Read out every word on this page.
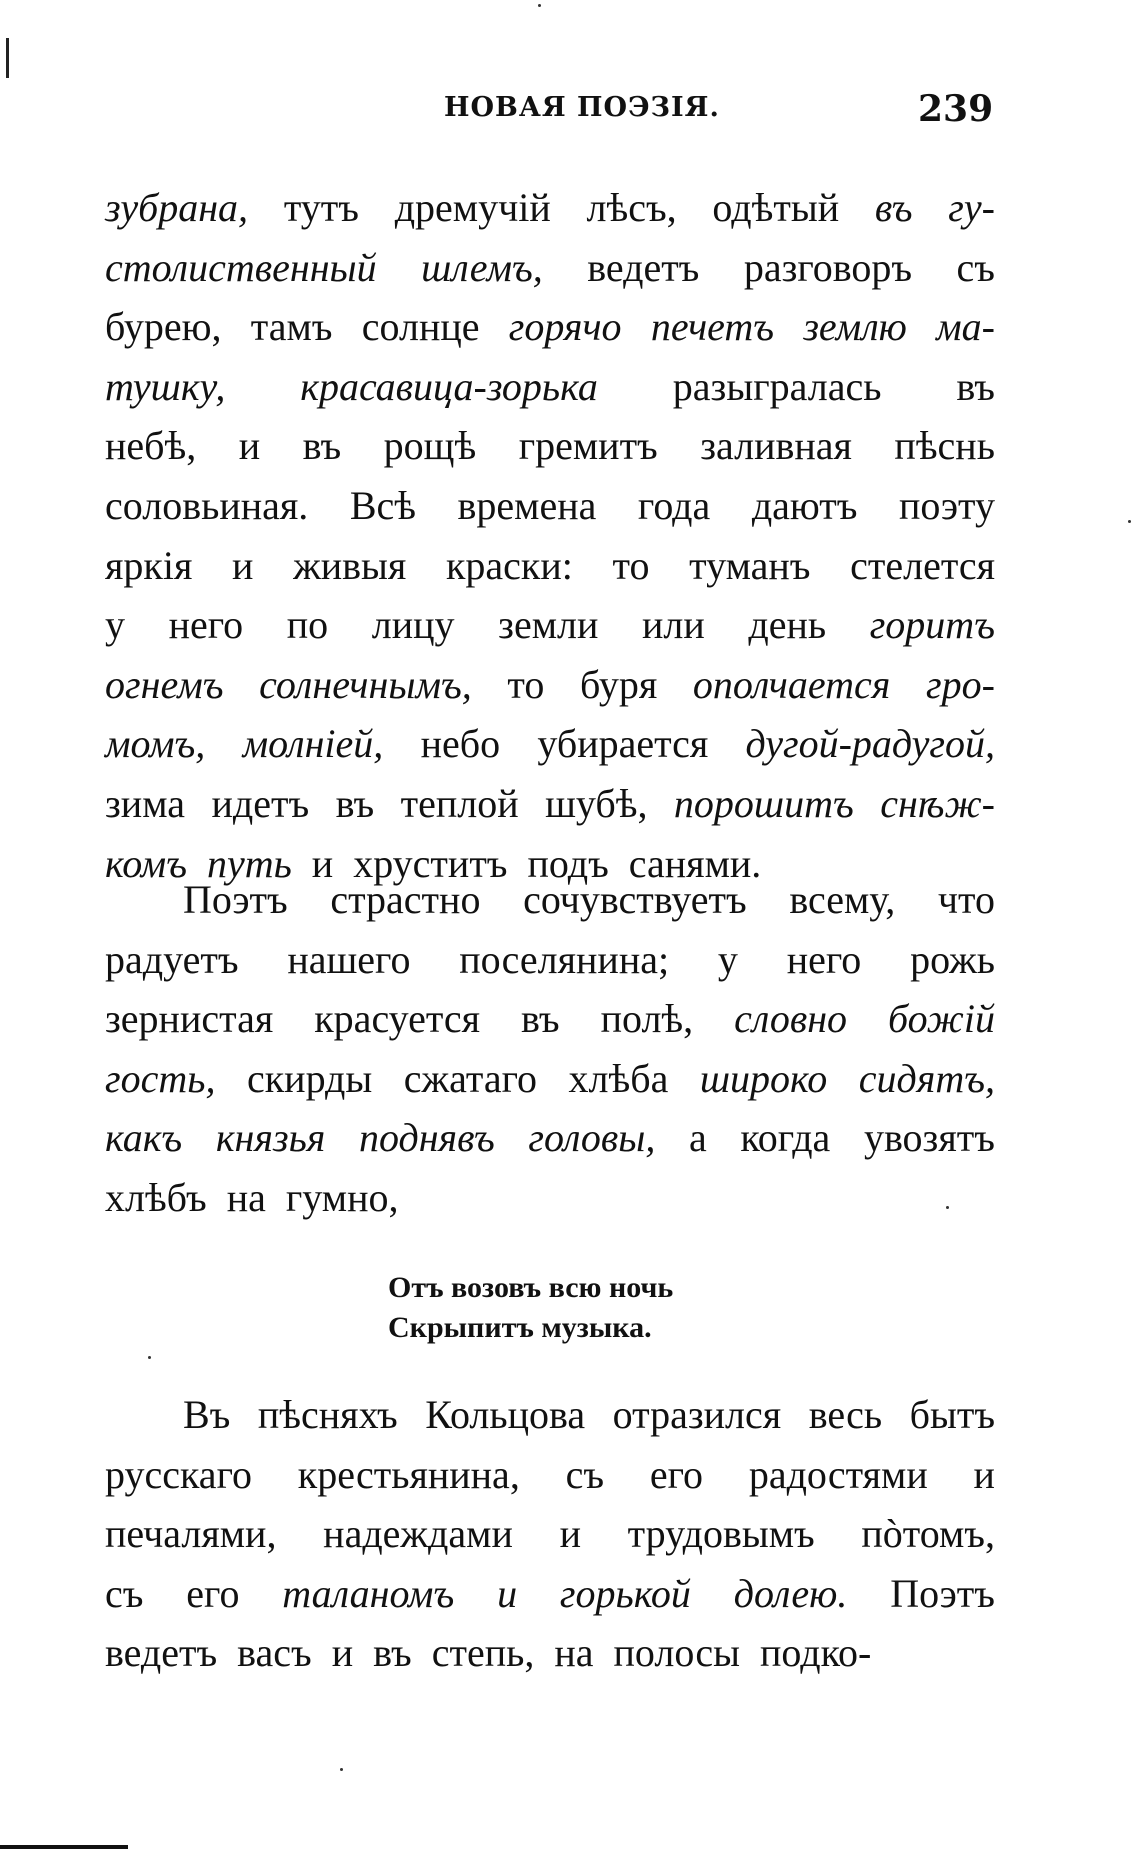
НОВАЯ ПОЭЗІЯ.	239
зубрана, тутъ дремучій лѣсъ, одѣтый въ гу-
столиственный шлемъ, ведетъ разговоръ съ
бурею, тамъ солнце горячо печетъ землю ма-
тушку, красавица-зорька разыгралась въ
небѣ, и въ рощѣ гремитъ заливная пѣснь
соловьиная. Всѣ времена года даютъ поэту
яркія и живыя краски: то туманъ стелется
у него по лицу земли или день горитъ
огнемъ солнечнымъ, то буря ополчается гро-
момъ, молніей, небо убирается дугой-радугой,
зима идетъ въ теплой шубѣ, порошитъ снѣж-
комъ путь и хруститъ подъ санями.
Поэтъ страстно сочувствуетъ всему, что
радуетъ нашего поселянина; у него рожь
зернистая красуется въ полѣ, словно божій
гость, скирды сжатаго хлѣба широко сидятъ,
какъ князья поднявъ головы, а когда увозятъ
хлѣбъ на гумно,
Отъ возовъ всю ночь
Скрыпитъ музыка.
Въ пѣсняхъ Кольцова отразился весь бытъ
русскаго крестьянина, съ его радостями и
печалями, надеждами и трудовымъ пòтомъ,
съ его таланомъ и горькой долею. Поэтъ
ведетъ васъ и въ степь, на полосы подко-
